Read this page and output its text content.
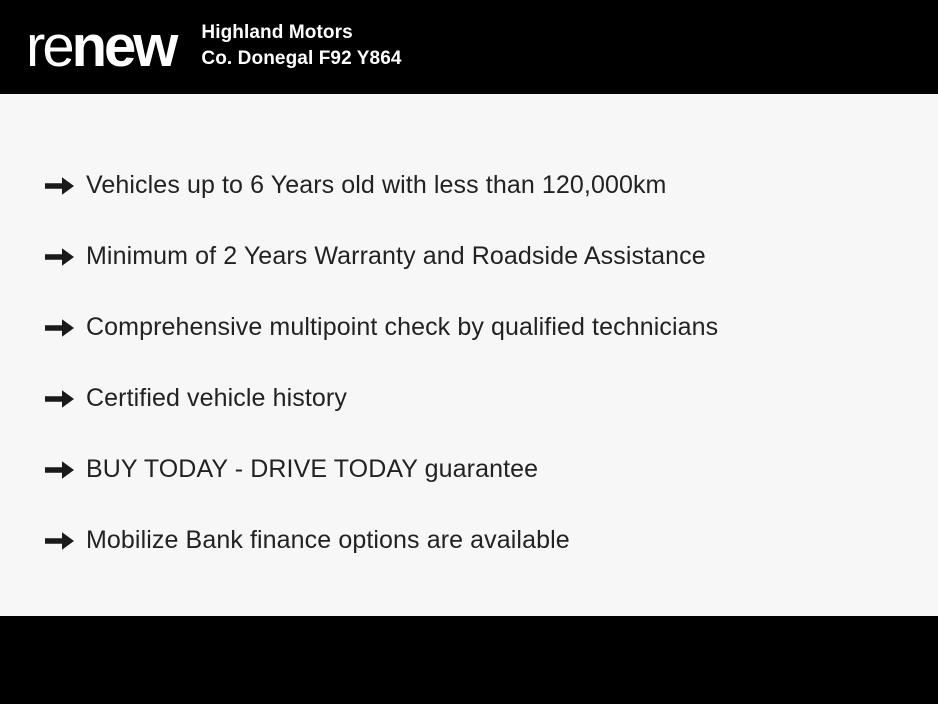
re new Highland Motors
Co. Donegal F92 Y864
Vehicles up to 6 Years old with less than 120,000km
Minimum of 2 Years Warranty and Roadside Assistance
Comprehensive multipoint check by qualified technicians
Certified vehicle history
BUY TODAY - DRIVE TODAY guarantee
Mobilize Bank finance options are available
